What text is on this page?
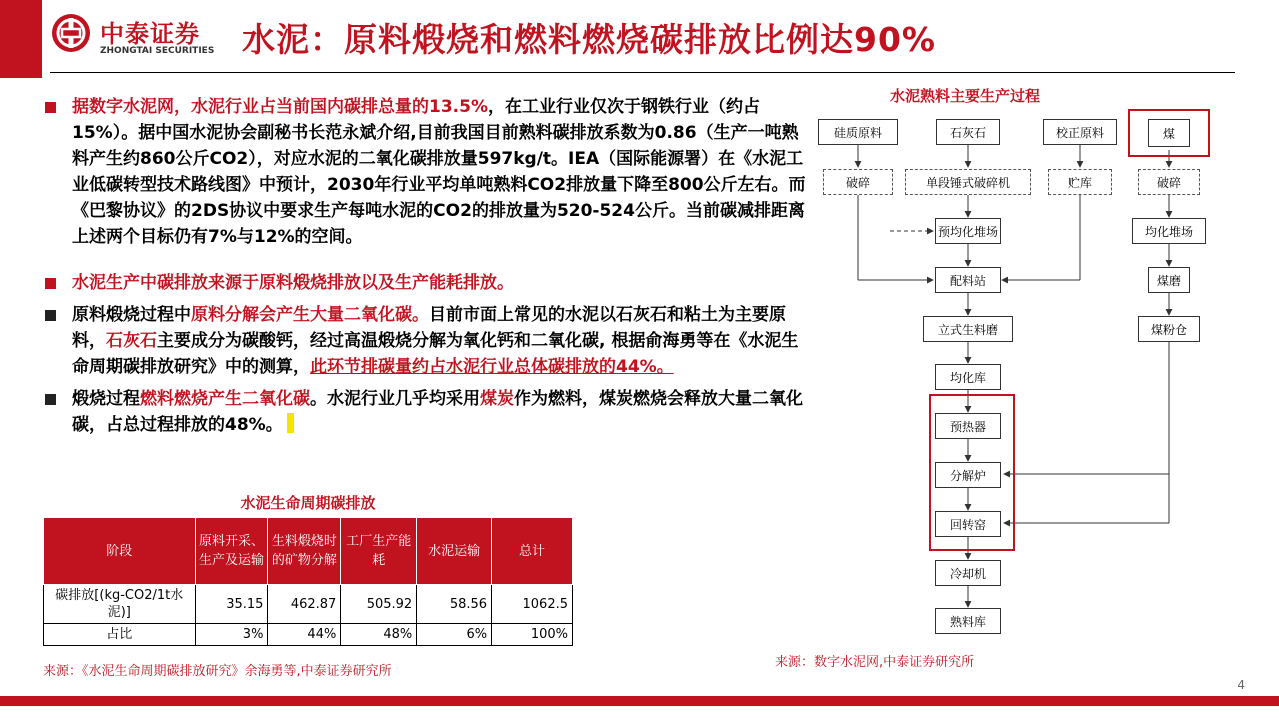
中泰证券
ZHONGTAI SECURITIES 水泥：原料煅烧和燃料燃烧碳排放比例达90%
据数字水泥网，水泥行业占当前国内碳排总量的13.5%，在工业行业仅次于钢铁行业（约占15%）。据中国水泥协会副秘书长范永斌介绍,目前我国目前熟料碳排放系数为0.86（生产一吨熟料产生约860公斤CO2），对应水泥的二氧化碳排放量597kg/t。IEA（国际能源署）在《水泥工业低碳转型技术路线图》中预计，2030年行业平均单吨熟料CO2排放量下降至800公斤左右。而《巴黎协议》的2DS协议中要求生产每吨水泥的CO2的排放量为520-524公斤。当前碳减排距离上述两个目标仍有7%与12%的空间。
水泥生产中碳排放来源于原料煅烧排放以及生产能耗排放。
原料煅烧过程中原料分解会产生大量二氧化碳。目前市面上常见的水泥以石灰石和粘土为主要原料，石灰石主要成分为碳酸钙，经过高温煅烧分解为氧化钙和二氧化碳, 根据俞海勇等在《水泥生命周期碳排放研究》中的测算，此环节排碳量约占水泥行业总体碳排放的44%。
煅烧过程燃料燃烧产生二氧化碳。水泥行业几乎均采用煤炭作为燃料，煤炭燃烧会释放大量二氧化碳，占总过程排放的48%。
水泥生命周期碳排放
阶段	原料开采、生产及运输	生料煅烧时的矿物分解	工厂生产能耗	水泥运输	总计
碳排放[(kg-CO2/1t水泥)]	35.15	462.87	505.92	58.56	1062.5
占比	3%	44%	48%	6%	100%
来源：《水泥生命周期碳排放研究》余海勇等,中泰证券研究所
水泥熟料主要生产过程
硅质原料	石灰石	校正原料	煤
破碎	单段锤式破碎机	贮库	破碎
预均化堆场	均化堆场
配料站	煤磨
立式生料磨	煤粉仓
均化库
预热器
分解炉
回转窑
冷却机
熟料库
来源：数字水泥网,中泰证券研究所
4
